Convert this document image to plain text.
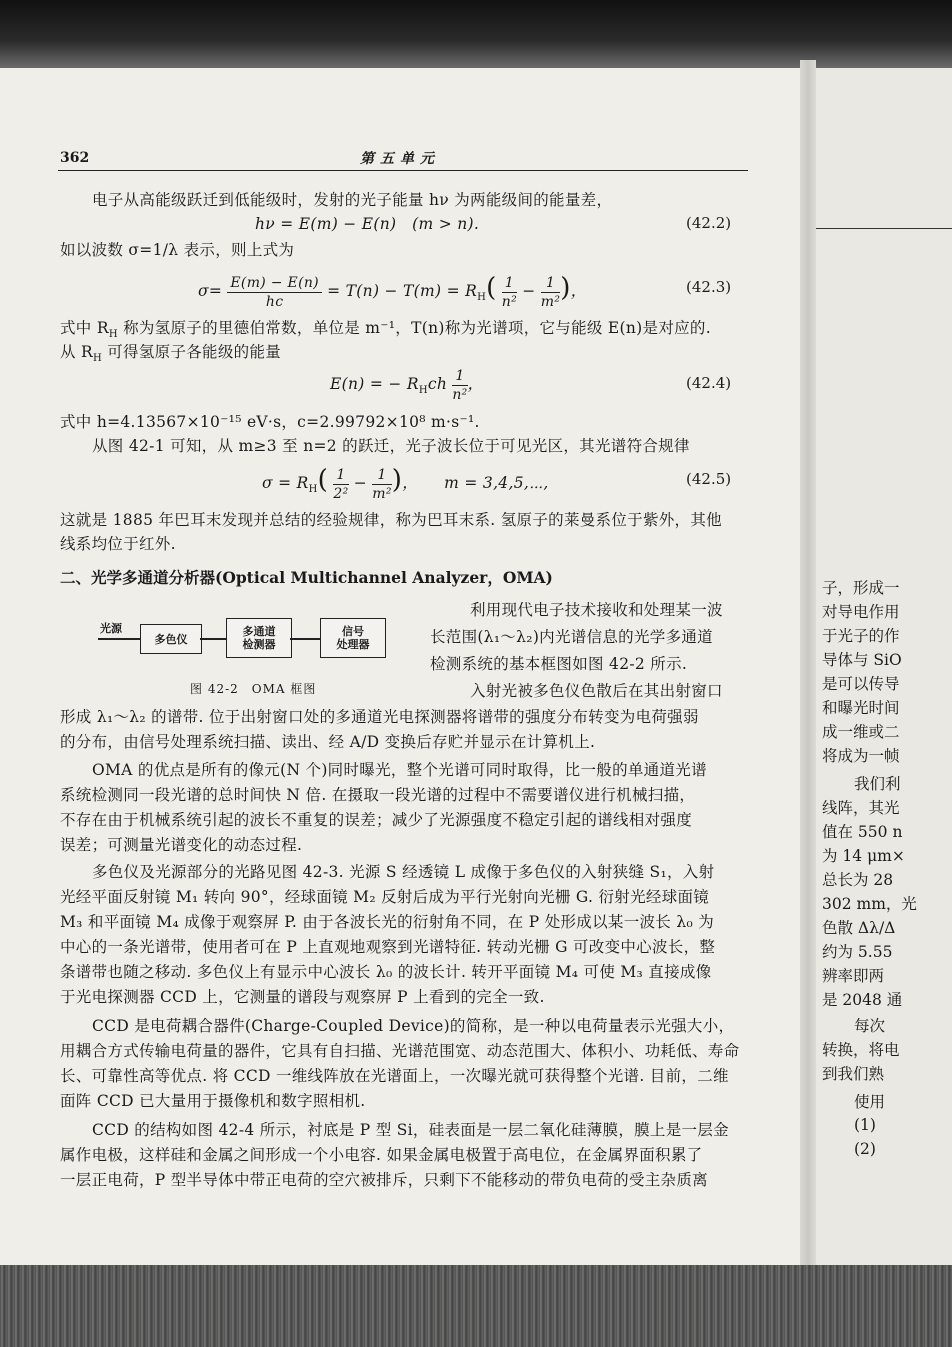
362	第五单元
电子从高能级跃迁到低能级时，发射的光子能量 hν 为两能级间的能量差，
hν = E(m) − E(n)　(m > n).	(42.2)
如以波数 σ=1/λ 表示，则上式为
$\sigma= \frac{E(m) - E(n)}{hc} = T(n) - T(m) = R_H( \frac{1}{\text{n²}} - \frac{1}{\text{m²}}$ )，	(42.3)
式中 $R_H$ 称为氢原子的里德伯常数，单位是 m⁻¹，T(n)称为光谱项，它与能级 E(n)是对应的.
从 $R_H$ 可得氢原子各能级的能量
E(n) = − $R_Hch \frac{1}{\text{n²}}$ ，	(42.4)
式中 h=4.13567×10⁻¹⁵ eV·s，c=2.99792×10⁸ m·s⁻¹.
从图 42-1 可知，从 m≥3 至 n=2 的跃迁，光子波长位于可见光区，其光谱符合规律
$\sigma = R_H( \frac{1}{\text{2²}} - \frac{1}{\text{m²}}$ )，     m = 3,4,5,⋯,	(42.5)
这就是 1885 年巴耳末发现并总结的经验规律，称为巴耳末系. 氢原子的莱曼系位于紫外，其他
线系均位于红外.
二、光学多通道分析器(Optical Multichannel Analyzer，OMA)
光源
多色仪
多通道
检测器
信号
处理器
图 42-2　OMA 框图
利用现代电子技术接收和处理某一波
长范围(λ₁～λ₂)内光谱信息的光学多通道
检测系统的基本框图如图 42-2 所示.
入射光被多色仪色散后在其出射窗口
形成 λ₁～λ₂ 的谱带. 位于出射窗口处的多通道光电探测器将谱带的强度分布转变为电荷强弱
的分布，由信号处理系统扫描、读出、经 A/D 变换后存贮并显示在计算机上.
OMA 的优点是所有的像元(N 个)同时曝光，整个光谱可同时取得，比一般的单通道光谱
系统检测同一段光谱的总时间快 N 倍. 在摄取一段光谱的过程中不需要谱仪进行机械扫描，
不存在由于机械系统引起的波长不重复的误差；减少了光源强度不稳定引起的谱线相对强度
误差；可测量光谱变化的动态过程.
多色仪及光源部分的光路见图 42-3. 光源 S 经透镜 L 成像于多色仪的入射狭缝 S₁，入射
光经平面反射镜 M₁ 转向 90°，经球面镜 M₂ 反射后成为平行光射向光栅 G. 衍射光经球面镜
M₃ 和平面镜 M₄ 成像于观察屏 P. 由于各波长光的衍射角不同，在 P 处形成以某一波长 λ₀ 为
中心的一条光谱带，使用者可在 P 上直观地观察到光谱特征. 转动光栅 G 可改变中心波长，整
条谱带也随之移动. 多色仪上有显示中心波长 λ₀ 的波长计. 转开平面镜 M₄ 可使 M₃ 直接成像
于光电探测器 CCD 上，它测量的谱段与观察屏 P 上看到的完全一致.
CCD 是电荷耦合器件(Charge-Coupled Device)的简称，是一种以电荷量表示光强大小，
用耦合方式传输电荷量的器件，它具有自扫描、光谱范围宽、动态范围大、体积小、功耗低、寿命
长、可靠性高等优点. 将 CCD 一维线阵放在光谱面上，一次曝光就可获得整个光谱. 目前，二维
面阵 CCD 已大量用于摄像机和数字照相机.
CCD 的结构如图 42-4 所示，衬底是 P 型 Si，硅表面是一层二氧化硅薄膜，膜上是一层金
属作电极，这样硅和金属之间形成一个小电容. 如果金属电极置于高电位，在金属界面积累了
一层正电荷，P 型半导体中带正电荷的空穴被排斥，只剩下不能移动的带负电荷的受主杂质离
子，形成一
对导电作用
于光子的作
导体与 SiO
是可以传导
和曝光时间
成一维或二
将成为一帧
我们利
线阵，其光
值在 550 n
为 14 μm×
总长为 28
302 mm，光
色散 Δλ/Δ
约为 5.55
辨率即两
是 2048 通
每次
转换，将电
到我们熟
使用
(1)
(2)
